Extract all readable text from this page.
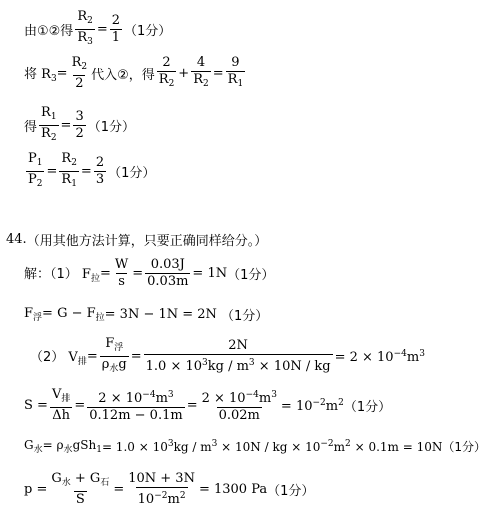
由①②得 $\frac{R_2}{R_3} = \frac{2}{1} (1$分）
将 $R_3 = \frac{R_2}{2}$ 代入②，得 $\frac{2}{R_2} + \frac{4}{R_2} = \frac{9}{R_1}$
得 $\frac{R_1}{R_2} = \frac{3}{2} (1$分）
$\frac{P_1}{P_2} = \frac{R_2}{R_1} = \frac{2}{3} (1$分）
44. （用其他方法计算，只要正确同样给分。）
解：（1） $F_拉 = \frac{W}{s} = \frac{0.03J}{0.03m} = 1N$ （1分）
$F_浮 = G - F_拉 = 3N - 1N = 2N$ （1分）
（2） $V_排 = \frac{F_浮}{\rho_水g} = \frac{2N}{1.0 \times 10^3kg / m^3 \times 10N / kg} = 2 \times 10^{-4}m^3$
$S = \frac{V_排}{\Delta h} = \frac{2 \times 10^{-4}m^3}{0.12m - 0.1m} = \frac{2 \times 10^{-4}m^3}{0.02m} = 10^{-2}m^2$ （1分）
$G_水 = \rho_水$ $gSh_1 = 1.0 \times 10^3kg / m^3 \times 10N$ / kg × $10^{-2}m^2 \times 0.1m = 10N$ （1分）
$p = \frac{G_水 + G_石}{S} = \frac{10N + 3N}{10^{-2}m^2} = 1300$ Pa （1分）
